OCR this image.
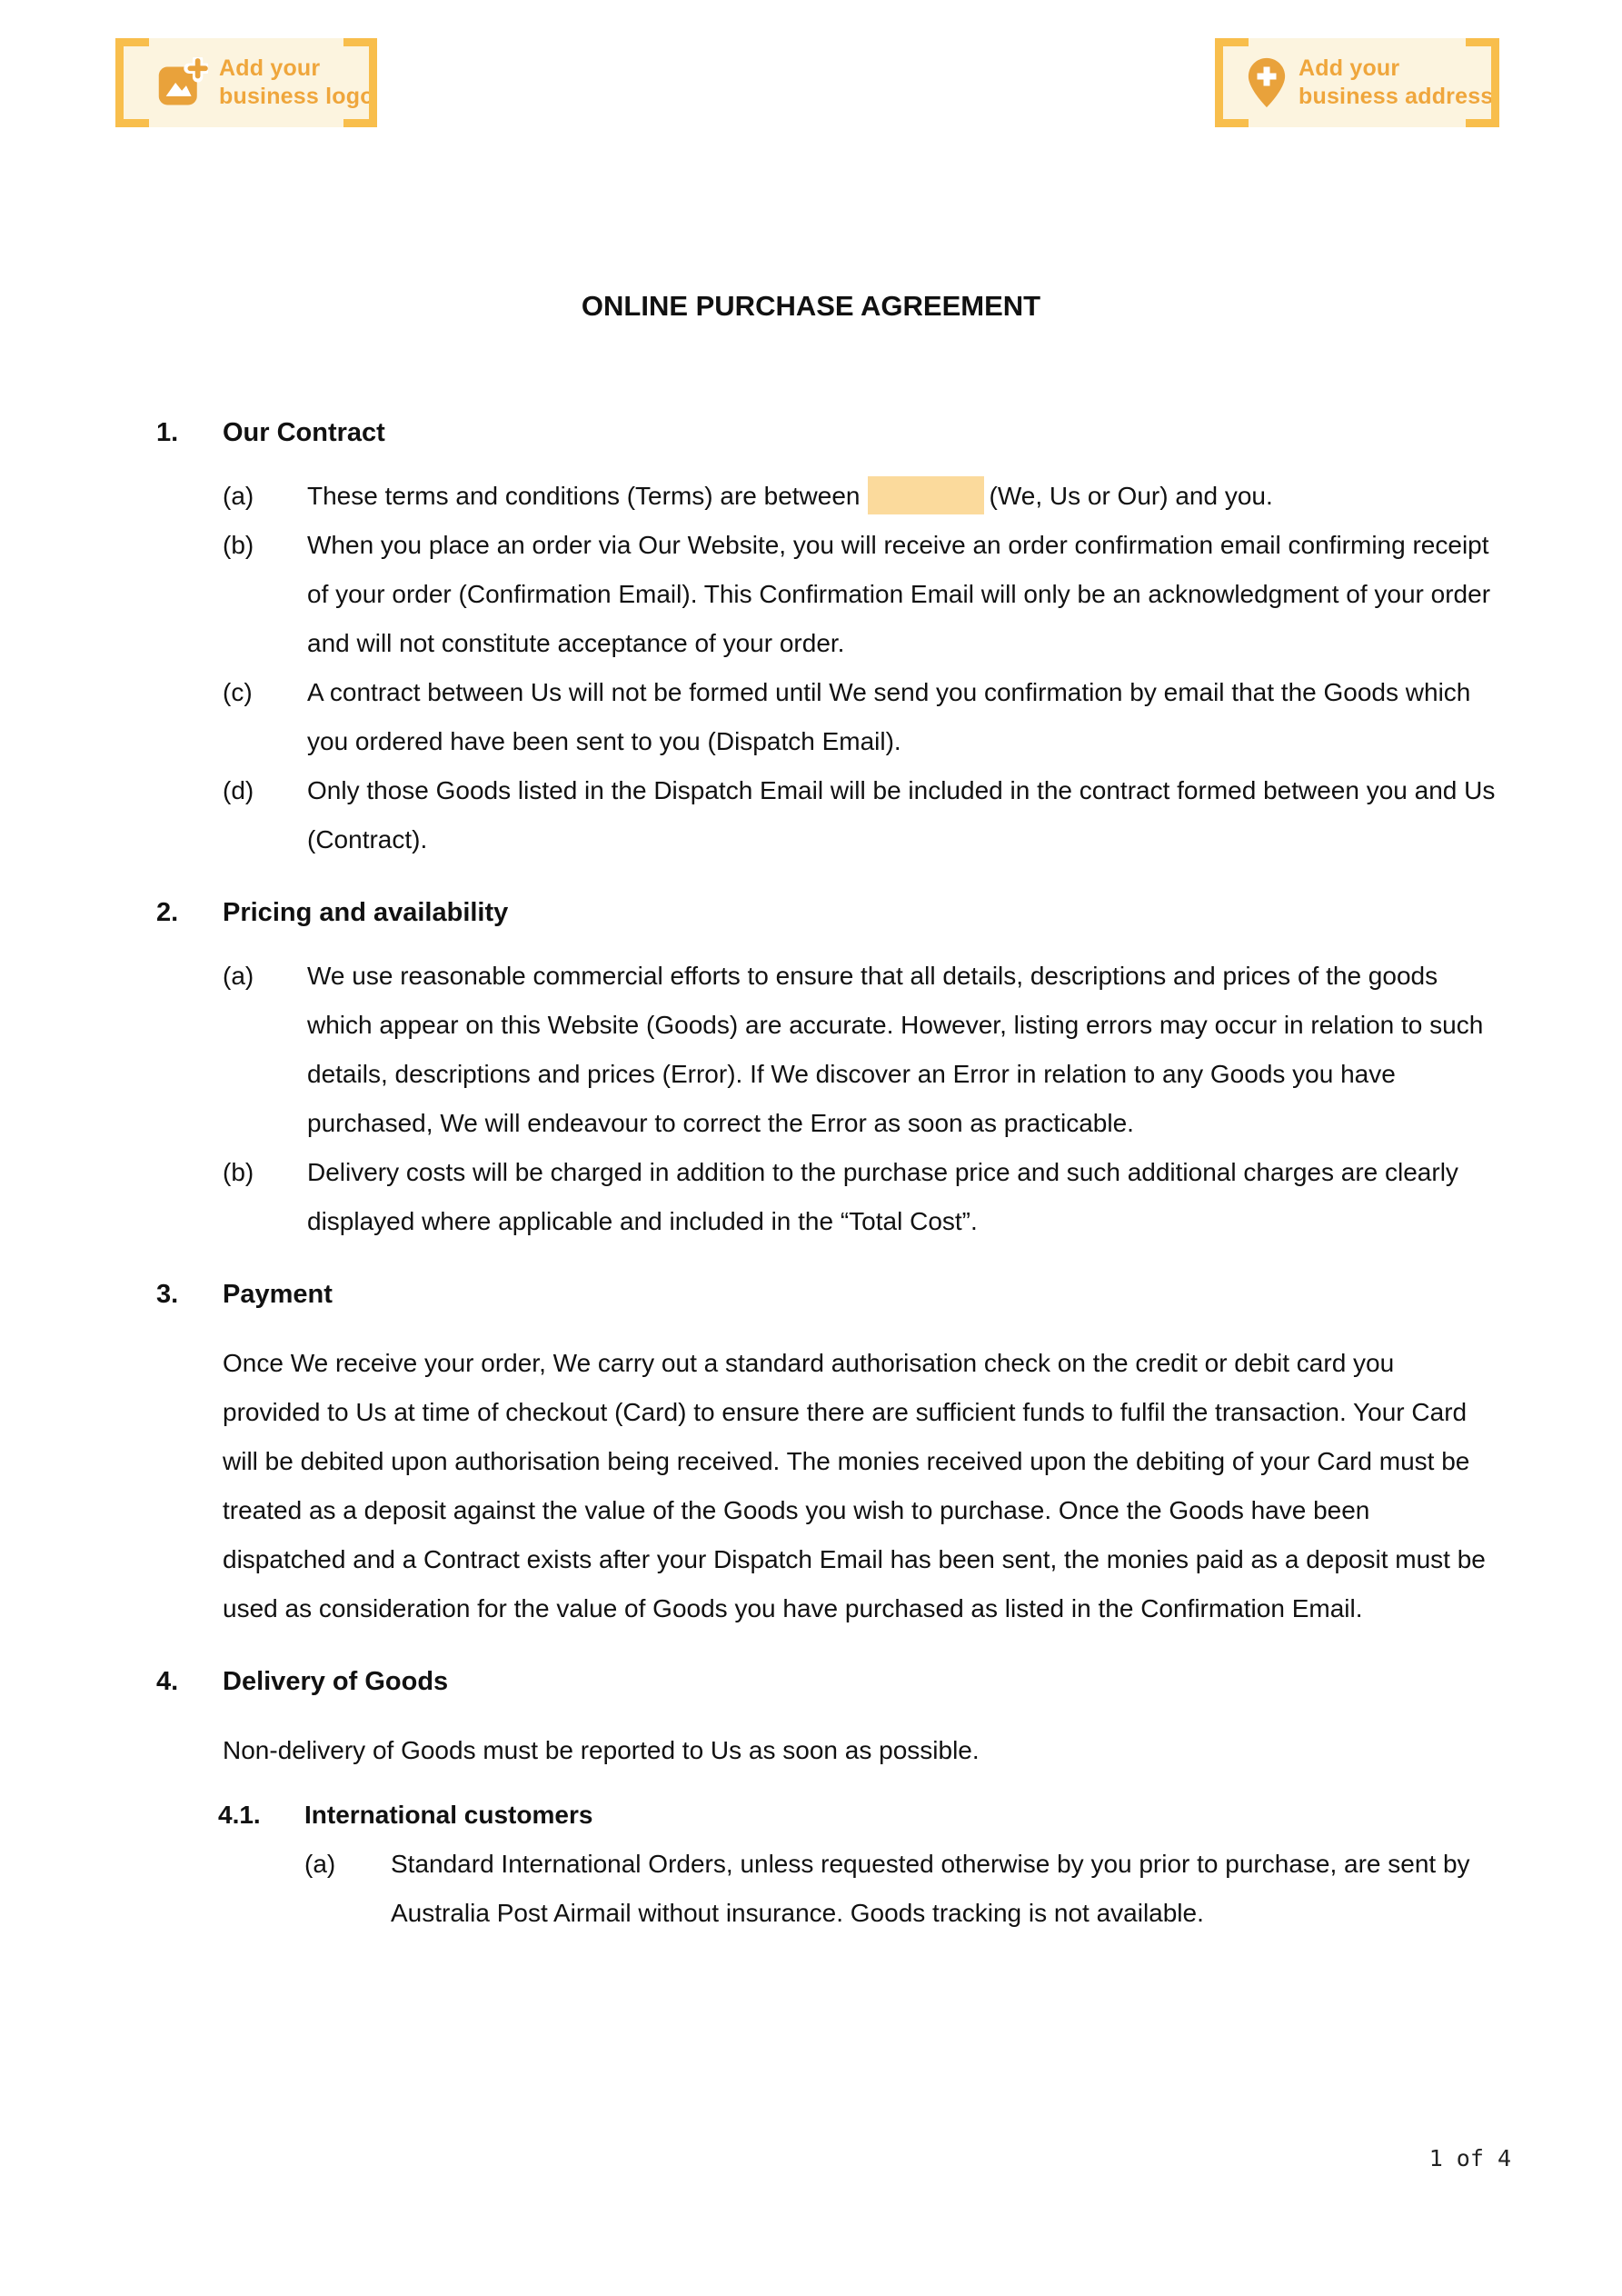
Add your
business logo
Add your
business address
ONLINE PURCHASE AGREEMENT
1.	Our Contract
(a)	These terms and conditions (Terms) are between	(We, Us or Our) and you.
(b)	When you place an order via Our Website, you will receive an order confirmation email confirming receipt of your order (Confirmation Email). This Confirmation Email will only be an acknowledgment of your order and will not constitute acceptance of your order.
(c)	A contract between Us will not be formed until We send you confirmation by email that the Goods which you ordered have been sent to you (Dispatch Email).
(d)	Only those Goods listed in the Dispatch Email will be included in the contract formed between you and Us (Contract).
2.	Pricing and availability
(a)	We use reasonable commercial efforts to ensure that all details, descriptions and prices of the goods which appear on this Website (Goods) are accurate. However, listing errors may occur in relation to such details, descriptions and prices (Error). If We discover an Error in relation to any Goods you have purchased, We will endeavour to correct the Error as soon as practicable.
(b)	Delivery costs will be charged in addition to the purchase price and such additional charges are clearly displayed where applicable and included in the “Total Cost”.
3.	Payment
Once We receive your order, We carry out a standard authorisation check on the credit or debit card you provided to Us at time of checkout (Card) to ensure there are sufficient funds to fulfil the transaction. Your Card will be debited upon authorisation being received. The monies received upon the debiting of your Card must be treated as a deposit against the value of the Goods you wish to purchase. Once the Goods have been dispatched and a Contract exists after your Dispatch Email has been sent, the monies paid as a deposit must be used as consideration for the value of Goods you have purchased as listed in the Confirmation Email.
4.	Delivery of Goods
Non-delivery of Goods must be reported to Us as soon as possible.
4.1.	International customers
(a)	Standard International Orders, unless requested otherwise by you prior to purchase, are sent by Australia Post Airmail without insurance. Goods tracking is not available.
1 of 4
